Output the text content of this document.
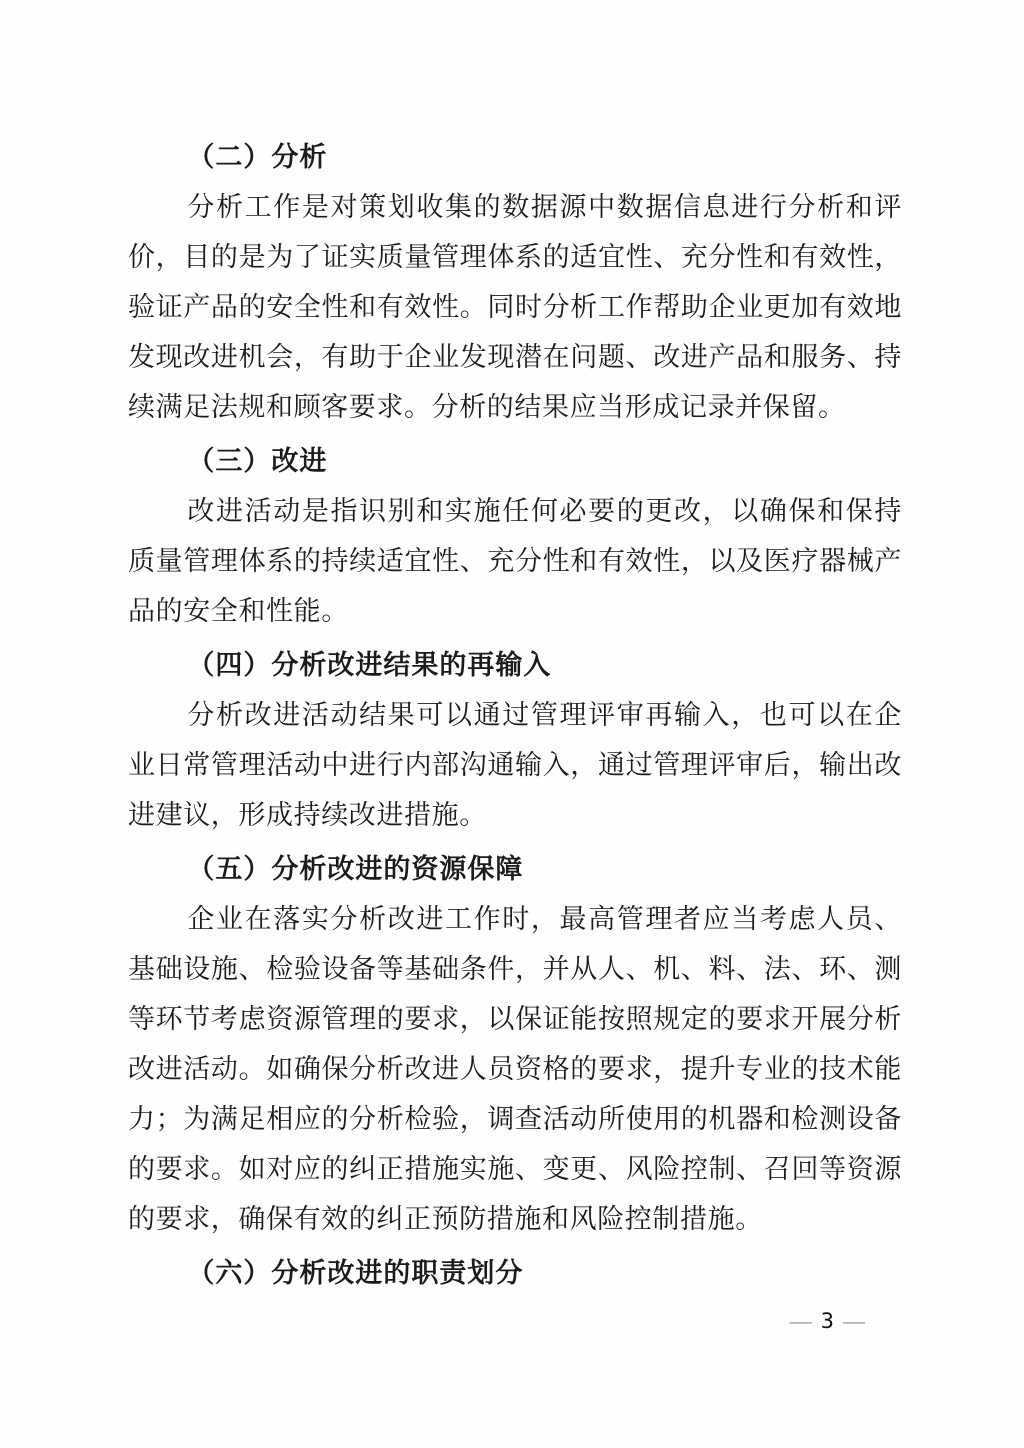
（二）分析

分析工作是对策划收集的数据源中数据信息进行分析和评价，目的是为了证实质量管理体系的适宜性、充分性和有效性，验证产品的安全性和有效性。同时分析工作帮助企业更加有效地发现改进机会，有助于企业发现潜在问题、改进产品和服务、持续满足法规和顾客要求。分析的结果应当形成记录并保留。

（三）改进

改进活动是指识别和实施任何必要的更改，以确保和保持质量管理体系的持续适宜性、充分性和有效性，以及医疗器械产品的安全和性能。

（四）分析改进结果的再输入

分析改进活动结果可以通过管理评审再输入，也可以在企业日常管理活动中进行内部沟通输入，通过管理评审后，输出改进建议，形成持续改进措施。

（五）分析改进的资源保障

企业在落实分析改进工作时，最高管理者应当考虑人员、基础设施、检验设备等基础条件，并从人、机、料、法、环、测等环节考虑资源管理的要求，以保证能按照规定的要求开展分析改进活动。如确保分析改进人员资格的要求，提升专业的技术能力；为满足相应的分析检验，调查活动所使用的机器和检测设备的要求。如对应的纠正措施实施、变更、风险控制、召回等资源的要求，确保有效的纠正预防措施和风险控制措施。

（六）分析改进的职责划分
— 3 —
